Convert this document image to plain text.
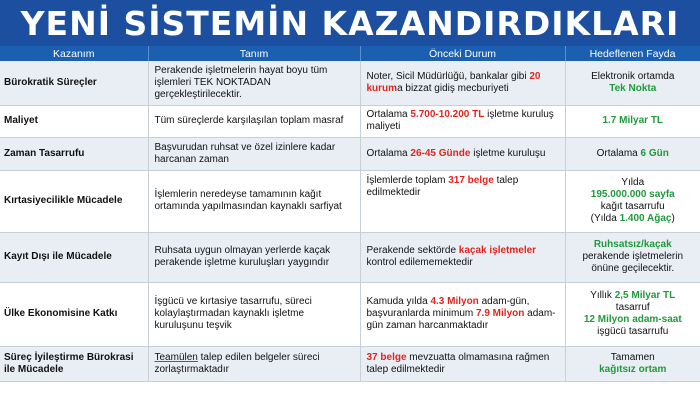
YENİ SİSTEMİN KAZANDIRDIKLARI
Kazanım	Tanım	Önceki Durum	Hedeflenen Fayda
Bürokratik Süreçler	Perakende işletmelerin hayat boyu tüm işlemleri TEK NOKTADAN gerçekleştirilecektir.	Noter, Sicil Müdürlüğü, bankalar gibi 20 kuruma bizzat gidiş mecburiyeti	Elektronik ortamda
Tek Nokta
Maliyet	Tüm süreçlerde karşılaşılan toplam masraf	Ortalama 5.700-10.200 TL işletme kuruluş maliyeti	1.7 Milyar TL
Zaman Tasarrufu	Başvurudan ruhsat ve özel izinlere kadar harcanan zaman	Ortalama 26-45 Günde işletme kuruluşu	Ortalama 6 Gün
Kırtasiyecilikle Mücadele	İşlemlerin neredeyse tamamının kağıt ortamında yapılmasından kaynaklı sarfiyat	İşlemlerde toplam 317 belge talep edilmektedir	Yılda
195.000.000 sayfa
kağıt tasarrufu
(Yılda 1.400 Ağaç)
Kayıt Dışı ile Mücadele	Ruhsata uygun olmayan yerlerde kaçak perakende işletme kuruluşları yaygındır	Perakende sektörde kaçak işletmeler kontrol edilememektedir	Ruhsatsız/kaçak
perakende işletmelerin önüne geçilecektir.
Ülke Ekonomisine Katkı	İşgücü ve kırtasiye tasarrufu, süreci kolaylaştırmadan kaynaklı işletme kuruluşunu teşvik	Kamuda yılda 4.3 Milyon adam-gün, başvuranlarda minimum 7.9 Milyon adam-gün zaman harcanmaktadır	Yıllık 2,5 Milyar TL
tasarruf
12 Milyon adam-saat
işgücü tasarrufu
Süreç İyileştirme Bürokrasi ile Mücadele	Teamülen talep edilen belgeler süreci zorlaştırmaktadır	37 belge mevzuatta olmamasına rağmen talep edilmektedir	Tamamen
kağıtsız ortam
